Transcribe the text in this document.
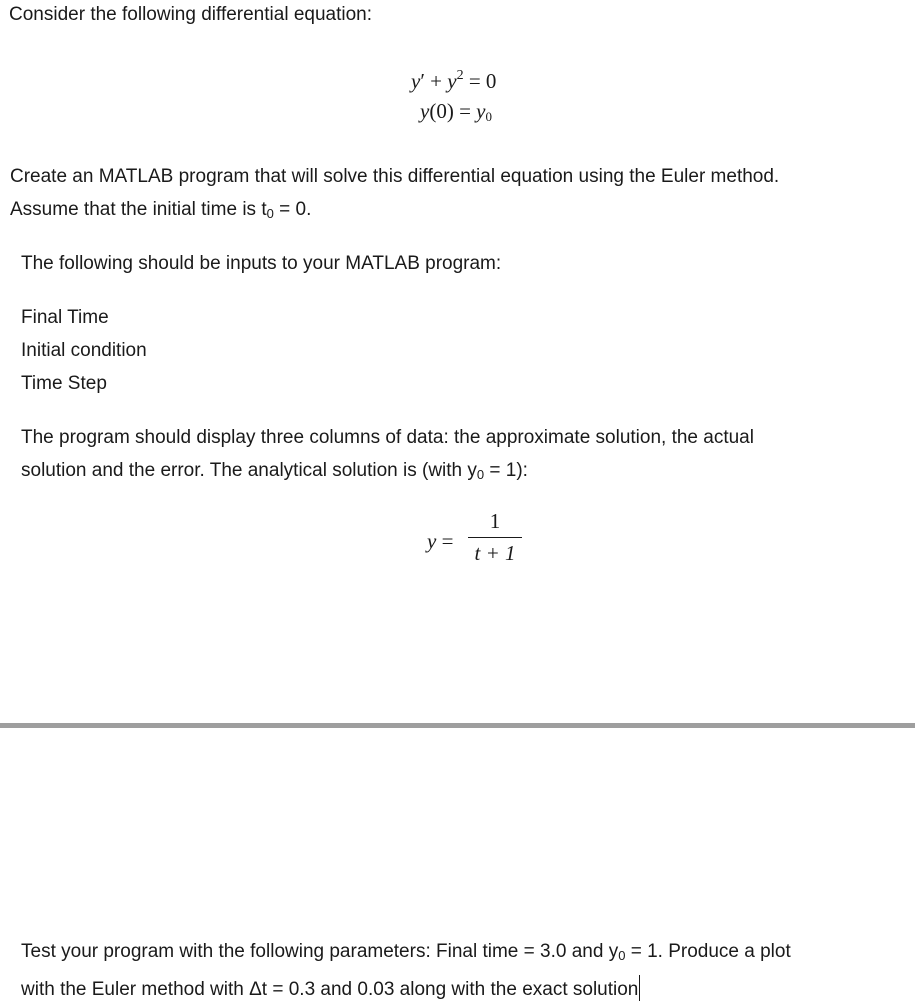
Consider the following differential equation:
$y' + y^2 = 0$
$y(0) = y_0$
Create an MATLAB program that will solve this differential equation using the Euler method.
Assume that the initial time is $t_0 = 0$.
The following should be inputs to your MATLAB program:
Final Time
Initial condition
Time Step
The program should display three columns of data: the approximate solution, the actual
solution and the error. The analytical solution is (with $y_0 = 1$):
y =
1
t + 1
Test your program with the following parameters: Final time = 3.0 and $y_0 = 1$. Produce a plot
with the Euler method with Δt = 0.3 and 0.03 along with the exact solution
